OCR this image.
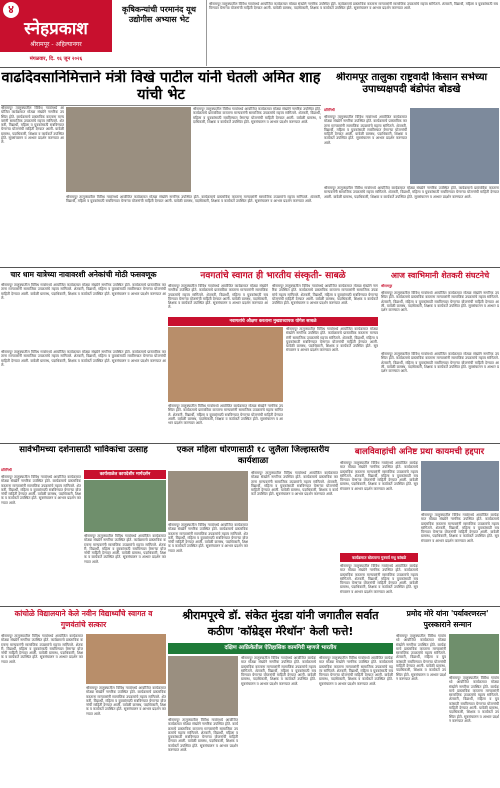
४
स्नेहप्रकाश
श्रीरामपूर - अहिल्यानगर
मंगळवार, दि. १६ जून २०२६
कृषिकन्यांची परमानंद यूथ उद्योगीस अभ्यास भेट
श्रीरामपूर तालुक्यातील विविध गावांमध्ये आयोजित कार्यक्रमात मोठ्या संख्येने नागरिक उपस्थित होते. कार्यक्रमाचे प्रास्ताविक करताना मान्यवरांनी सामाजिक उपक्रमांचे महत्त्व सांगितले. शेतकरी, विद्यार्थी, महिला व युवकांसाठी राबविण्यात येणाऱ्या योजनांची माहिती देण्यात आली. यावेळी ग्रामस्थ, पदाधिकारी, शिक्षक व कार्यकर्ते उपस्थित होते. सूत्रसंचालन व आभार प्रदर्शन करण्यात आले.
वाढदिवसानिमित्ताने मंत्री विखे पाटील यांनी घेतली अमित शाह यांची भेट
श्रीरामपूर तालुक्यातील विविध गावांमध्ये आयोजित कार्यक्रमात मोठ्या संख्येने नागरिक उपस्थित होते. कार्यक्रमाचे प्रास्ताविक करताना मान्यवरांनी सामाजिक उपक्रमांचे महत्त्व सांगितले. शेतकरी, विद्यार्थी, महिला व युवकांसाठी राबविण्यात येणाऱ्या योजनांची माहिती देण्यात आली. यावेळी ग्रामस्थ, पदाधिकारी, शिक्षक व कार्यकर्ते उपस्थित होते. सूत्रसंचालन व आभार प्रदर्शन करण्यात आले.
श्रीरामपूर तालुक्यातील विविध गावांमध्ये आयोजित कार्यक्रमात मोठ्या संख्येने नागरिक उपस्थित होते. कार्यक्रमाचे प्रास्ताविक करताना मान्यवरांनी सामाजिक उपक्रमांचे महत्त्व सांगितले. शेतकरी, विद्यार्थी, महिला व युवकांसाठी राबविण्यात येणाऱ्या योजनांची माहिती देण्यात आली. यावेळी ग्रामस्थ, पदाधिकारी, शिक्षक व कार्यकर्ते उपस्थित होते. सूत्रसंचालन व आभार प्रदर्शन करण्यात आले.
श्रीरामपूर तालुक्यातील विविध गावांमध्ये आयोजित कार्यक्रमात मोठ्या संख्येने नागरिक उपस्थित होते. कार्यक्रमाचे प्रास्ताविक करताना मान्यवरांनी सामाजिक उपक्रमांचे महत्त्व सांगितले. शेतकरी, विद्यार्थी, महिला व युवकांसाठी राबविण्यात येणाऱ्या योजनांची माहिती देण्यात आली. यावेळी ग्रामस्थ, पदाधिकारी, शिक्षक व कार्यकर्ते उपस्थित होते. सूत्रसंचालन व आभार प्रदर्शन करण्यात आले.
श्रीरामपूर तालुका राष्ट्रवादी किसान सभेच्या उपाध्यक्षपदी बंडोपंत बोडखे
प्रतिनिधी
श्रीरामपूर तालुक्यातील विविध गावांमध्ये आयोजित कार्यक्रमात मोठ्या संख्येने नागरिक उपस्थित होते. कार्यक्रमाचे प्रास्ताविक करताना मान्यवरांनी सामाजिक उपक्रमांचे महत्त्व सांगितले. शेतकरी, विद्यार्थी, महिला व युवकांसाठी राबविण्यात येणाऱ्या योजनांची माहिती देण्यात आली. यावेळी ग्रामस्थ, पदाधिकारी, शिक्षक व कार्यकर्ते उपस्थित होते. सूत्रसंचालन व आभार प्रदर्शन करण्यात आले.
श्रीरामपूर तालुक्यातील विविध गावांमध्ये आयोजित कार्यक्रमात मोठ्या संख्येने नागरिक उपस्थित होते. कार्यक्रमाचे प्रास्ताविक करताना मान्यवरांनी सामाजिक उपक्रमांचे महत्त्व सांगितले. शेतकरी, विद्यार्थी, महिला व युवकांसाठी राबविण्यात येणाऱ्या योजनांची माहिती देण्यात आली. यावेळी ग्रामस्थ, पदाधिकारी, शिक्षक व कार्यकर्ते उपस्थित होते. सूत्रसंचालन व आभार प्रदर्शन करण्यात आले.
चार धाम यात्रेच्या नावावरशी अनेकांची मोठी फसवणूक
श्रीरामपूर तालुक्यातील विविध गावांमध्ये आयोजित कार्यक्रमात मोठ्या संख्येने नागरिक उपस्थित होते. कार्यक्रमाचे प्रास्ताविक करताना मान्यवरांनी सामाजिक उपक्रमांचे महत्त्व सांगितले. शेतकरी, विद्यार्थी, महिला व युवकांसाठी राबविण्यात येणाऱ्या योजनांची माहिती देण्यात आली. यावेळी ग्रामस्थ, पदाधिकारी, शिक्षक व कार्यकर्ते उपस्थित होते. सूत्रसंचालन व आभार प्रदर्शन करण्यात आले.
नवगतांचे स्वागत ही भारतीय संस्कृती- साबळे
श्रीरामपूर तालुक्यातील विविध गावांमध्ये आयोजित कार्यक्रमात मोठ्या संख्येने नागरिक उपस्थित होते. कार्यक्रमाचे प्रास्ताविक करताना मान्यवरांनी सामाजिक उपक्रमांचे महत्त्व सांगितले. शेतकरी, विद्यार्थी, महिला व युवकांसाठी राबविण्यात येणाऱ्या योजनांची माहिती देण्यात आली. यावेळी ग्रामस्थ, पदाधिकारी, शिक्षक व कार्यकर्ते उपस्थित होते. सूत्रसंचालन व आभार प्रदर्शन करण्यात आले.
श्रीरामपूर तालुक्यातील विविध गावांमध्ये आयोजित कार्यक्रमात मोठ्या संख्येने नागरिक उपस्थित होते. कार्यक्रमाचे प्रास्ताविक करताना मान्यवरांनी सामाजिक उपक्रमांचे महत्त्व सांगितले. शेतकरी, विद्यार्थी, महिला व युवकांसाठी राबविण्यात येणाऱ्या योजनांची माहिती देण्यात आली. यावेळी ग्रामस्थ, पदाधिकारी, शिक्षक व कार्यकर्ते उपस्थित होते. सूत्रसंचालन व आभार प्रदर्शन करण्यात आले.
नवागतांचे औक्षण करताना मुख्याध्यापक योगेश साबळे
श्रीरामपूर तालुक्यातील विविध गावांमध्ये आयोजित कार्यक्रमात मोठ्या संख्येने नागरिक उपस्थित होते. कार्यक्रमाचे प्रास्ताविक करताना मान्यवरांनी सामाजिक उपक्रमांचे महत्त्व सांगितले. शेतकरी, विद्यार्थी, महिला व युवकांसाठी राबविण्यात येणाऱ्या योजनांची माहिती देण्यात आली. यावेळी ग्रामस्थ, पदाधिकारी, शिक्षक व कार्यकर्ते उपस्थित होते. सूत्रसंचालन व आभार प्रदर्शन करण्यात आले.
श्रीरामपूर तालुक्यातील विविध गावांमध्ये आयोजित कार्यक्रमात मोठ्या संख्येने नागरिक उपस्थित होते. कार्यक्रमाचे प्रास्ताविक करताना मान्यवरांनी सामाजिक उपक्रमांचे महत्त्व सांगितले. शेतकरी, विद्यार्थी, महिला व युवकांसाठी राबविण्यात येणाऱ्या योजनांची माहिती देण्यात आली. यावेळी ग्रामस्थ, पदाधिकारी, शिक्षक व कार्यकर्ते उपस्थित होते. सूत्रसंचालन व आभार प्रदर्शन करण्यात आले.
आज स्वाभिमानी शेतकरी संघटनेचे
श्रीरामपूर
श्रीरामपूर तालुक्यातील विविध गावांमध्ये आयोजित कार्यक्रमात मोठ्या संख्येने नागरिक उपस्थित होते. कार्यक्रमाचे प्रास्ताविक करताना मान्यवरांनी सामाजिक उपक्रमांचे महत्त्व सांगितले. शेतकरी, विद्यार्थी, महिला व युवकांसाठी राबविण्यात येणाऱ्या योजनांची माहिती देण्यात आली. यावेळी ग्रामस्थ, पदाधिकारी, शिक्षक व कार्यकर्ते उपस्थित होते. सूत्रसंचालन व आभार प्रदर्शन करण्यात आले.
श्रीरामपूर तालुक्यातील विविध गावांमध्ये आयोजित कार्यक्रमात मोठ्या संख्येने नागरिक उपस्थित होते. कार्यक्रमाचे प्रास्ताविक करताना मान्यवरांनी सामाजिक उपक्रमांचे महत्त्व सांगितले. शेतकरी, विद्यार्थी, महिला व युवकांसाठी राबविण्यात येणाऱ्या योजनांची माहिती देण्यात आली. यावेळी ग्रामस्थ, पदाधिकारी, शिक्षक व कार्यकर्ते उपस्थित होते. सूत्रसंचालन व आभार प्रदर्शन करण्यात आले.
श्रीरामपूर तालुक्यातील विविध गावांमध्ये आयोजित कार्यक्रमात मोठ्या संख्येने नागरिक उपस्थित होते. कार्यक्रमाचे प्रास्ताविक करताना मान्यवरांनी सामाजिक उपक्रमांचे महत्त्व सांगितले. शेतकरी, विद्यार्थी, महिला व युवकांसाठी राबविण्यात येणाऱ्या योजनांची माहिती देण्यात आली. यावेळी ग्रामस्थ, पदाधिकारी, शिक्षक व कार्यकर्ते उपस्थित होते. सूत्रसंचालन व आभार प्रदर्शन करण्यात आले.
सार्वभौमच्या दर्शनासाठी भाविकांचा उत्साह
प्रतिनिधी
श्रीरामपूर तालुक्यातील विविध गावांमध्ये आयोजित कार्यक्रमात मोठ्या संख्येने नागरिक उपस्थित होते. कार्यक्रमाचे प्रास्ताविक करताना मान्यवरांनी सामाजिक उपक्रमांचे महत्त्व सांगितले. शेतकरी, विद्यार्थी, महिला व युवकांसाठी राबविण्यात येणाऱ्या योजनांची माहिती देण्यात आली. यावेळी ग्रामस्थ, पदाधिकारी, शिक्षक व कार्यकर्ते उपस्थित होते. सूत्रसंचालन व आभार प्रदर्शन करण्यात आले.
कार्यशाळेत कायदेशीर मार्गदर्शन
श्रीरामपूर तालुक्यातील विविध गावांमध्ये आयोजित कार्यक्रमात मोठ्या संख्येने नागरिक उपस्थित होते. कार्यक्रमाचे प्रास्ताविक करताना मान्यवरांनी सामाजिक उपक्रमांचे महत्त्व सांगितले. शेतकरी, विद्यार्थी, महिला व युवकांसाठी राबविण्यात येणाऱ्या योजनांची माहिती देण्यात आली. यावेळी ग्रामस्थ, पदाधिकारी, शिक्षक व कार्यकर्ते उपस्थित होते. सूत्रसंचालन व आभार प्रदर्शन करण्यात आले.
एकल महिला धोरणासाठी १८ जुलैला जिल्हास्तरीय कार्यशाळा
श्रीरामपूर तालुक्यातील विविध गावांमध्ये आयोजित कार्यक्रमात मोठ्या संख्येने नागरिक उपस्थित होते. कार्यक्रमाचे प्रास्ताविक करताना मान्यवरांनी सामाजिक उपक्रमांचे महत्त्व सांगितले. शेतकरी, विद्यार्थी, महिला व युवकांसाठी राबविण्यात येणाऱ्या योजनांची माहिती देण्यात आली. यावेळी ग्रामस्थ, पदाधिकारी, शिक्षक व कार्यकर्ते उपस्थित होते. सूत्रसंचालन व आभार प्रदर्शन करण्यात आले.
श्रीरामपूर तालुक्यातील विविध गावांमध्ये आयोजित कार्यक्रमात मोठ्या संख्येने नागरिक उपस्थित होते. कार्यक्रमाचे प्रास्ताविक करताना मान्यवरांनी सामाजिक उपक्रमांचे महत्त्व सांगितले. शेतकरी, विद्यार्थी, महिला व युवकांसाठी राबविण्यात येणाऱ्या योजनांची माहिती देण्यात आली. यावेळी ग्रामस्थ, पदाधिकारी, शिक्षक व कार्यकर्ते उपस्थित होते. सूत्रसंचालन व आभार प्रदर्शन करण्यात आले.
बालविवाहांची अनिष्ट प्रथा कायमची हद्दपार
श्रीरामपूर तालुक्यातील विविध गावांमध्ये आयोजित कार्यक्रमात मोठ्या संख्येने नागरिक उपस्थित होते. कार्यक्रमाचे प्रास्ताविक करताना मान्यवरांनी सामाजिक उपक्रमांचे महत्त्व सांगितले. शेतकरी, विद्यार्थी, महिला व युवकांसाठी राबविण्यात येणाऱ्या योजनांची माहिती देण्यात आली. यावेळी ग्रामस्थ, पदाधिकारी, शिक्षक व कार्यकर्ते उपस्थित होते. सूत्रसंचालन व आभार प्रदर्शन करण्यात आले.
श्रीरामपूर तालुक्यातील विविध गावांमध्ये आयोजित कार्यक्रमात मोठ्या संख्येने नागरिक उपस्थित होते. कार्यक्रमाचे प्रास्ताविक करताना मान्यवरांनी सामाजिक उपक्रमांचे महत्त्व सांगितले. शेतकरी, विद्यार्थी, महिला व युवकांसाठी राबविण्यात येणाऱ्या योजनांची माहिती देण्यात आली. यावेळी ग्रामस्थ, पदाधिकारी, शिक्षक व कार्यकर्ते उपस्थित होते. सूत्रसंचालन व आभार प्रदर्शन करण्यात आले.
कार्यक्रमात बोलताना गुरुवर्य मधु कांबळे
श्रीरामपूर तालुक्यातील विविध गावांमध्ये आयोजित कार्यक्रमात मोठ्या संख्येने नागरिक उपस्थित होते. कार्यक्रमाचे प्रास्ताविक करताना मान्यवरांनी सामाजिक उपक्रमांचे महत्त्व सांगितले. शेतकरी, विद्यार्थी, महिला व युवकांसाठी राबविण्यात येणाऱ्या योजनांची माहिती देण्यात आली. यावेळी ग्रामस्थ, पदाधिकारी, शिक्षक व कार्यकर्ते उपस्थित होते. सूत्रसंचालन व आभार प्रदर्शन करण्यात आले.
कांचोळे विद्यालयाने केले नवीन विद्यार्थ्यांचे स्वागत व गुणवंतांचे सत्कार
श्रीरामपूर तालुक्यातील विविध गावांमध्ये आयोजित कार्यक्रमात मोठ्या संख्येने नागरिक उपस्थित होते. कार्यक्रमाचे प्रास्ताविक करताना मान्यवरांनी सामाजिक उपक्रमांचे महत्त्व सांगितले. शेतकरी, विद्यार्थी, महिला व युवकांसाठी राबविण्यात येणाऱ्या योजनांची माहिती देण्यात आली. यावेळी ग्रामस्थ, पदाधिकारी, शिक्षक व कार्यकर्ते उपस्थित होते. सूत्रसंचालन व आभार प्रदर्शन करण्यात आले.
श्रीरामपूर तालुक्यातील विविध गावांमध्ये आयोजित कार्यक्रमात मोठ्या संख्येने नागरिक उपस्थित होते. कार्यक्रमाचे प्रास्ताविक करताना मान्यवरांनी सामाजिक उपक्रमांचे महत्त्व सांगितले. शेतकरी, विद्यार्थी, महिला व युवकांसाठी राबविण्यात येणाऱ्या योजनांची माहिती देण्यात आली. यावेळी ग्रामस्थ, पदाधिकारी, शिक्षक व कार्यकर्ते उपस्थित होते. सूत्रसंचालन व आभार प्रदर्शन करण्यात आले.
श्रीरामपूरचे डॉ. संकेत मुंदडा यांनी जगातील सर्वात कठीण 'कॉम्रेड्स मॅरेथॉन' केली फत्ते!
दक्षिण आफ्रिकेतील ऐतिहासिक कामगिरी म्हणजे भारतीय
श्रीरामपूर तालुक्यातील विविध गावांमध्ये आयोजित कार्यक्रमात मोठ्या संख्येने नागरिक उपस्थित होते. कार्यक्रमाचे प्रास्ताविक करताना मान्यवरांनी सामाजिक उपक्रमांचे महत्त्व सांगितले. शेतकरी, विद्यार्थी, महिला व युवकांसाठी राबविण्यात येणाऱ्या योजनांची माहिती देण्यात आली. यावेळी ग्रामस्थ, पदाधिकारी, शिक्षक व कार्यकर्ते उपस्थित होते. सूत्रसंचालन व आभार प्रदर्शन करण्यात आले.
श्रीरामपूर तालुक्यातील विविध गावांमध्ये आयोजित कार्यक्रमात मोठ्या संख्येने नागरिक उपस्थित होते. कार्यक्रमाचे प्रास्ताविक करताना मान्यवरांनी सामाजिक उपक्रमांचे महत्त्व सांगितले. शेतकरी, विद्यार्थी, महिला व युवकांसाठी राबविण्यात येणाऱ्या योजनांची माहिती देण्यात आली. यावेळी ग्रामस्थ, पदाधिकारी, शिक्षक व कार्यकर्ते उपस्थित होते. सूत्रसंचालन व आभार प्रदर्शन करण्यात आले.
श्रीरामपूर तालुक्यातील विविध गावांमध्ये आयोजित कार्यक्रमात मोठ्या संख्येने नागरिक उपस्थित होते. कार्यक्रमाचे प्रास्ताविक करताना मान्यवरांनी सामाजिक उपक्रमांचे महत्त्व सांगितले. शेतकरी, विद्यार्थी, महिला व युवकांसाठी राबविण्यात येणाऱ्या योजनांची माहिती देण्यात आली. यावेळी ग्रामस्थ, पदाधिकारी, शिक्षक व कार्यकर्ते उपस्थित होते. सूत्रसंचालन व आभार प्रदर्शन करण्यात आले.
प्रमोद मोरे यांना 'पर्यावरणरत्न' पुरस्काराने सन्मान
श्रीरामपूर तालुक्यातील विविध गावांमध्ये आयोजित कार्यक्रमात मोठ्या संख्येने नागरिक उपस्थित होते. कार्यक्रमाचे प्रास्ताविक करताना मान्यवरांनी सामाजिक उपक्रमांचे महत्त्व सांगितले. शेतकरी, विद्यार्थी, महिला व युवकांसाठी राबविण्यात येणाऱ्या योजनांची माहिती देण्यात आली. यावेळी ग्रामस्थ, पदाधिकारी, शिक्षक व कार्यकर्ते उपस्थित होते. सूत्रसंचालन व आभार प्रदर्शन करण्यात आले.	श्रीरामपूर तालुक्यातील विविध गावांमध्ये आयोजित कार्यक्रमात मोठ्या संख्येने नागरिक उपस्थित होते. कार्यक्रमाचे प्रास्ताविक करताना मान्यवरांनी सामाजिक उपक्रमांचे महत्त्व सांगितले. शेतकरी, विद्यार्थी, महिला व युवकांसाठी राबविण्यात येणाऱ्या योजनांची माहिती देण्यात आली. यावेळी ग्रामस्थ, पदाधिकारी, शिक्षक व कार्यकर्ते उपस्थित होते. सूत्रसंचालन व आभार प्रदर्शन करण्यात आले.
